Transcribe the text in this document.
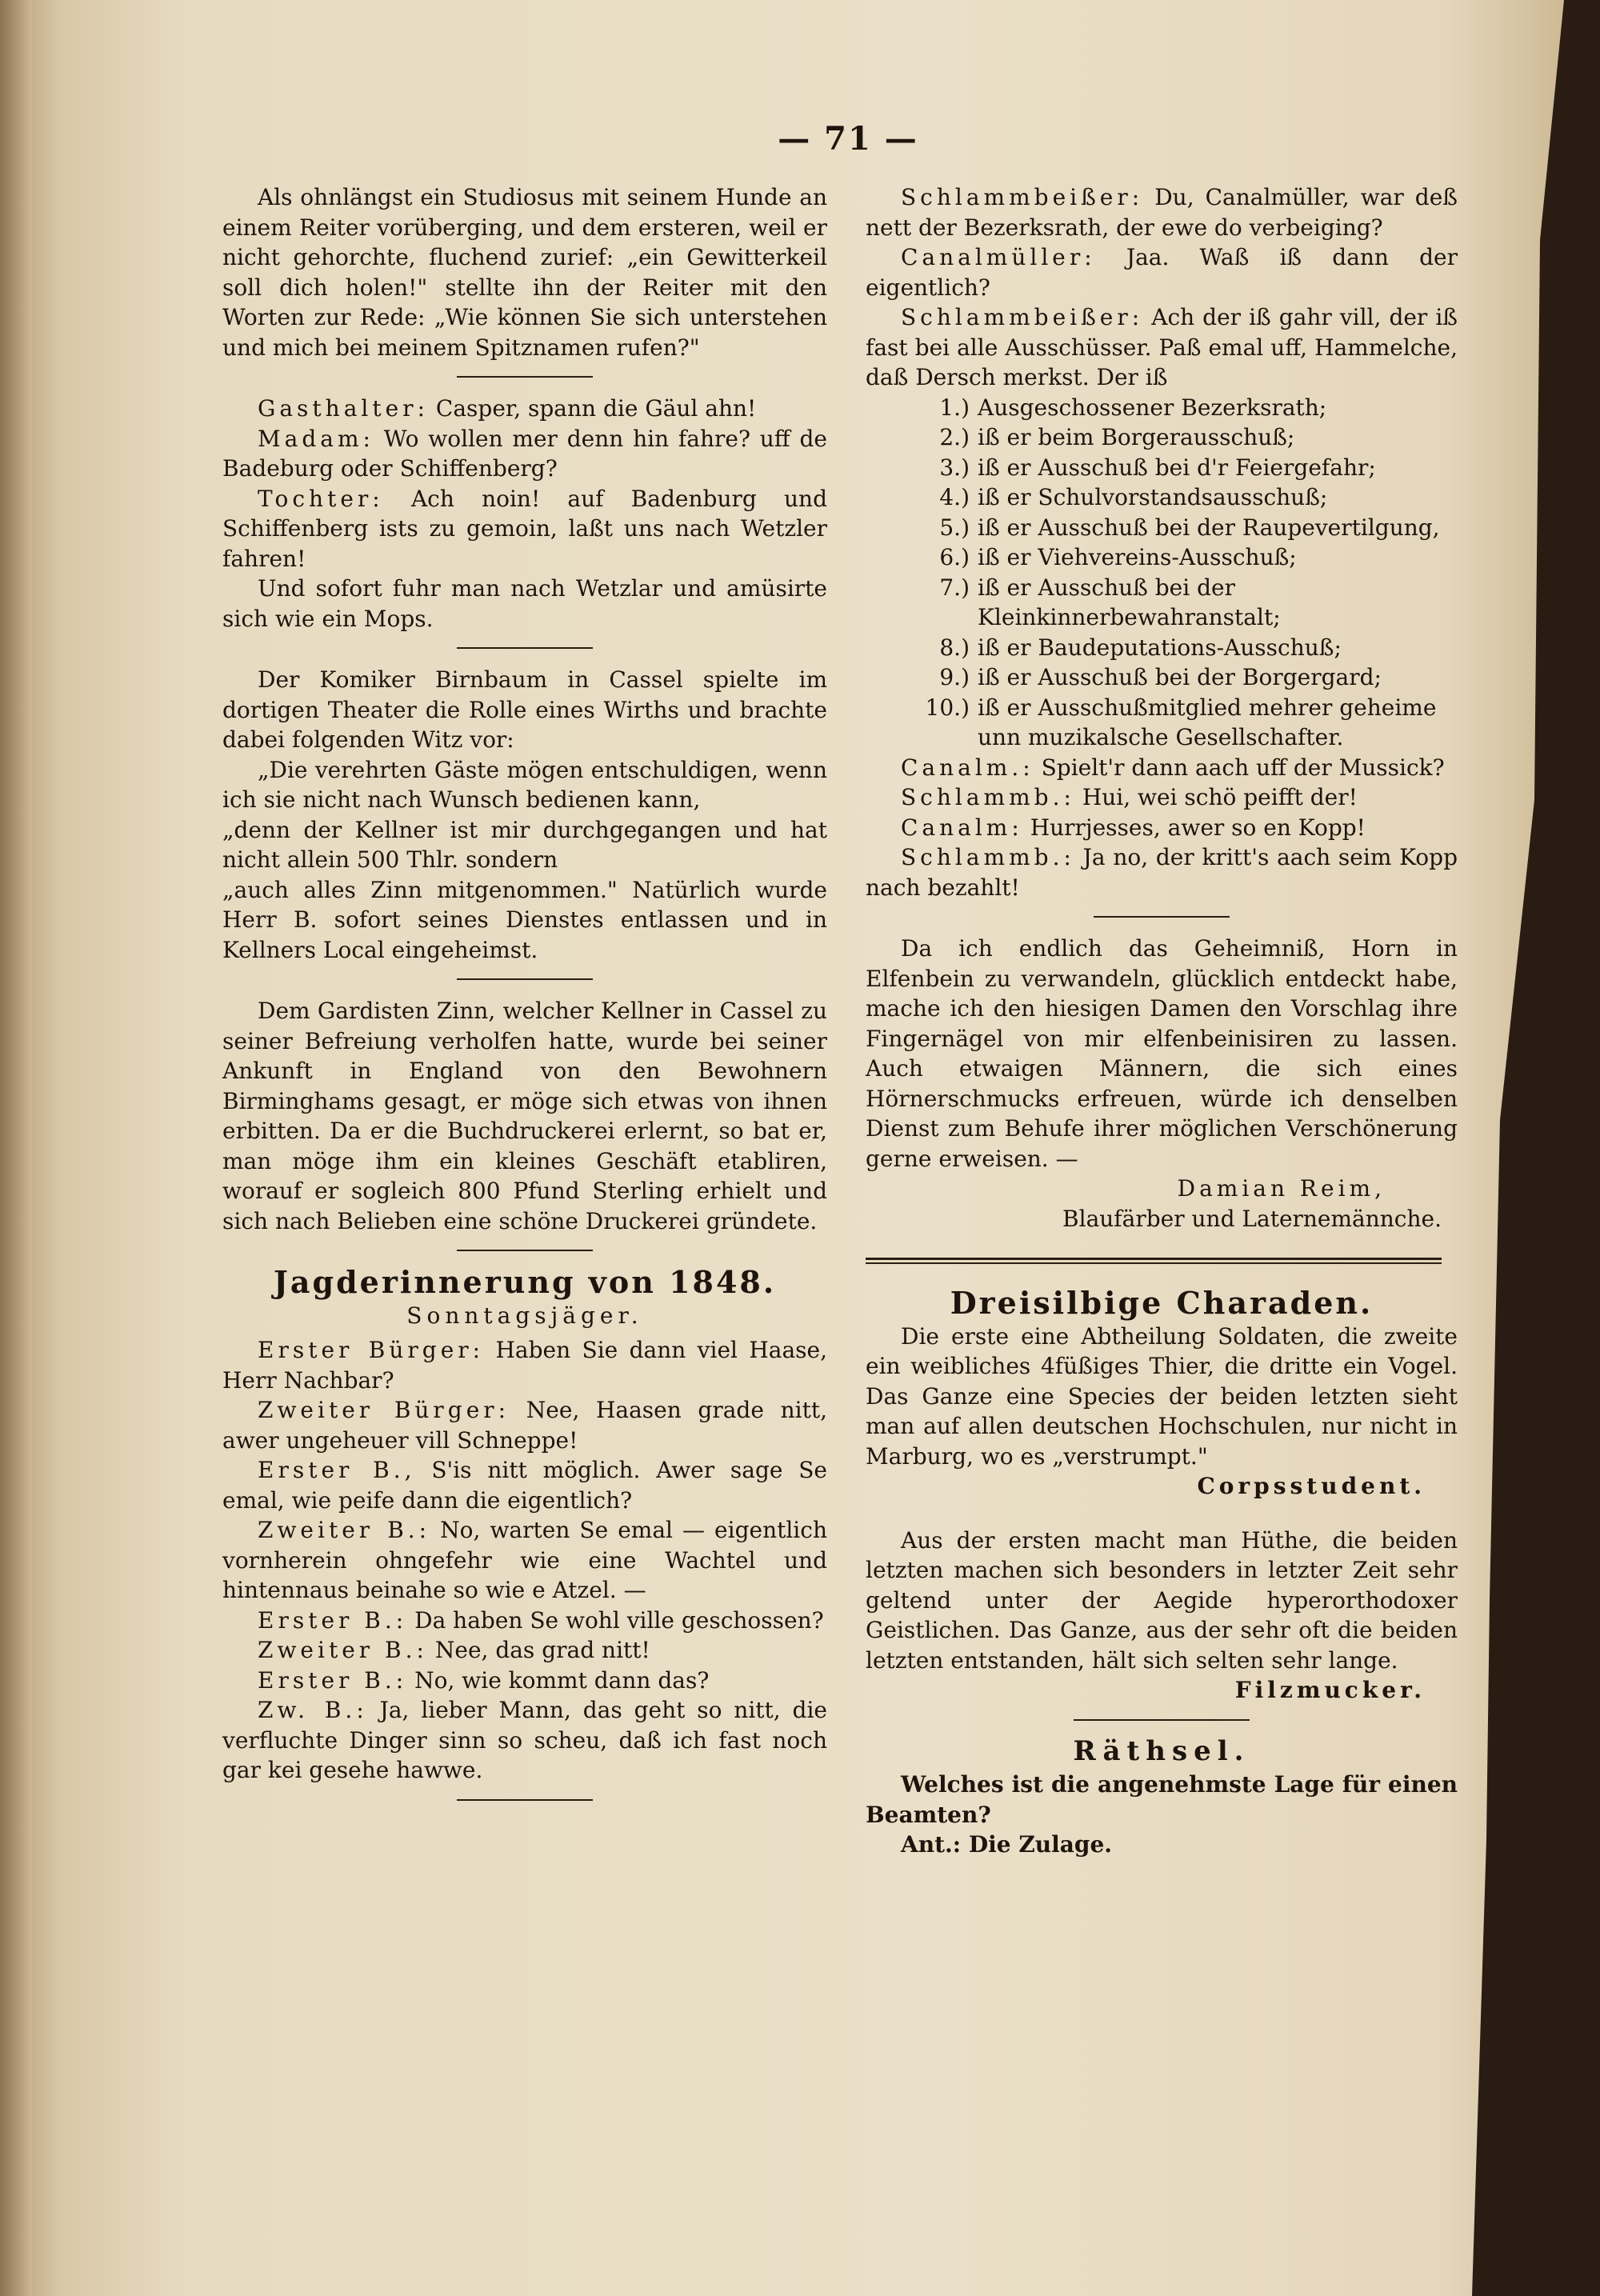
— 71 —

Als ohnlängst ein Studiosus mit seinem Hunde an einem Reiter vorüberging, und dem ersteren, weil er nicht gehorchte, fluchend zurief: „ein Gewitterkeil soll dich holen!" stellte ihn der Reiter mit den Worten zur Rede: „Wie können Sie sich unterstehen und mich bei meinem Spitznamen rufen?"

Gasthalter: Casper, spann die Gäul ahn!

Madam: Wo wollen mer denn hin fahre? uff de Badeburg oder Schiffenberg?

Tochter: Ach noin! auf Badenburg und Schiffenberg ists zu gemoin, laßt uns nach Wetzler fahren!

Und sofort fuhr man nach Wetzlar und amüsirte sich wie ein Mops.

Der Komiker Birnbaum in Cassel spielte im dortigen Theater die Rolle eines Wirths und brachte dabei folgenden Witz vor:

„Die verehrten Gäste mögen entschuldigen, wenn ich sie nicht nach Wunsch bedienen kann,

„denn der Kellner ist mir durchgegangen und hat nicht allein 500 Thlr. sondern

„auch alles Zinn mitgenommen." Natürlich wurde Herr B. sofort seines Dienstes entlassen und in Kellners Local eingeheimst.

Dem Gardisten Zinn, welcher Kellner in Cassel zu seiner Befreiung verholfen hatte, wurde bei seiner Ankunft in England von den Bewohnern Birminghams gesagt, er möge sich etwas von ihnen erbitten. Da er die Buchdruckerei erlernt, so bat er, man möge ihm ein kleines Geschäft etabliren, worauf er sogleich 800 Pfund Sterling erhielt und sich nach Belieben eine schöne Druckerei gründete.

Jagderinnerung von 1848.
Sonntagsjäger.

Erster Bürger: Haben Sie dann viel Haase, Herr Nachbar?

Zweiter Bürger: Nee, Haasen grade nitt, awer ungeheuer vill Schneppe!

Erster B., S'is nitt möglich. Awer sage Se emal, wie peife dann die eigentlich?

Zweiter B.: No, warten Se emal — eigentlich vornherein ohngefehr wie eine Wachtel und hintennaus beinahe so wie e Atzel. —

Erster B.: Da haben Se wohl ville geschossen?

Zweiter B.: Nee, das grad nitt!

Erster B.: No, wie kommt dann das?

Zw. B.: Ja, lieber Mann, das geht so nitt, die verfluchte Dinger sinn so scheu, daß ich fast noch gar kei gesehe hawwe.

Schlammbeißer: Du, Canalmüller, war deß nett der Bezerksrath, der ewe do verbeiging?

Canalmüller: Jaa. Waß iß dann der eigentlich?

Schlammbeißer: Ach der iß gahr vill, der iß fast bei alle Ausschüsser. Paß emal uff, Hammelche, daß Dersch merkst. Der iß

1.) Ausgeschossener Bezerksrath;
2.) iß er beim Borgerausschuß;
3.) iß er Ausschuß bei d'r Feiergefahr;
4.) iß er Schulvorstandsausschuß;
5.) iß er Ausschuß bei der Raupevertilgung,
6.) iß er Viehvereins-Ausschuß;
7.) iß er Ausschuß bei der Kleinkinnerbewahranstalt;
8.) iß er Baudeputations-Ausschuß;
9.) iß er Ausschuß bei der Borgergard;
10.) iß er Ausschußmitglied mehrer geheime unn muzikalsche Gesellschafter.

Canalm.: Spielt'r dann aach uff der Mussick?

Schlammb.: Hui, wei schö peifft der!

Canalm: Hurrjesses, awer so en Kopp!

Schlammb.: Ja no, der kritt's aach seim Kopp nach bezahlt!

Da ich endlich das Geheimniß, Horn in Elfenbein zu verwandeln, glücklich entdeckt habe, mache ich den hiesigen Damen den Vorschlag ihre Fingernägel von mir elfenbeinisiren zu lassen. Auch etwaigen Männern, die sich eines Hörnerschmucks erfreuen, würde ich denselben Dienst zum Behufe ihrer möglichen Verschönerung gerne erweisen. —

Damian Reim,

Blaufärber und Laternemännche.

Dreisilbige Charaden.

Die erste eine Abtheilung Soldaten, die zweite ein weibliches 4füßiges Thier, die dritte ein Vogel. Das Ganze eine Species der beiden letzten sieht man auf allen deutschen Hochschulen, nur nicht in Marburg, wo es „verstrumpt."

Corpsstudent.

Aus der ersten macht man Hüthe, die beiden letzten machen sich besonders in letzter Zeit sehr geltend unter der Aegide hyperorthodoxer Geistlichen. Das Ganze, aus der sehr oft die beiden letzten entstanden, hält sich selten sehr lange.

Filzmucker.

Räthsel.

Welches ist die angenehmste Lage für einen Beamten?

Ant.: Die Zulage.
